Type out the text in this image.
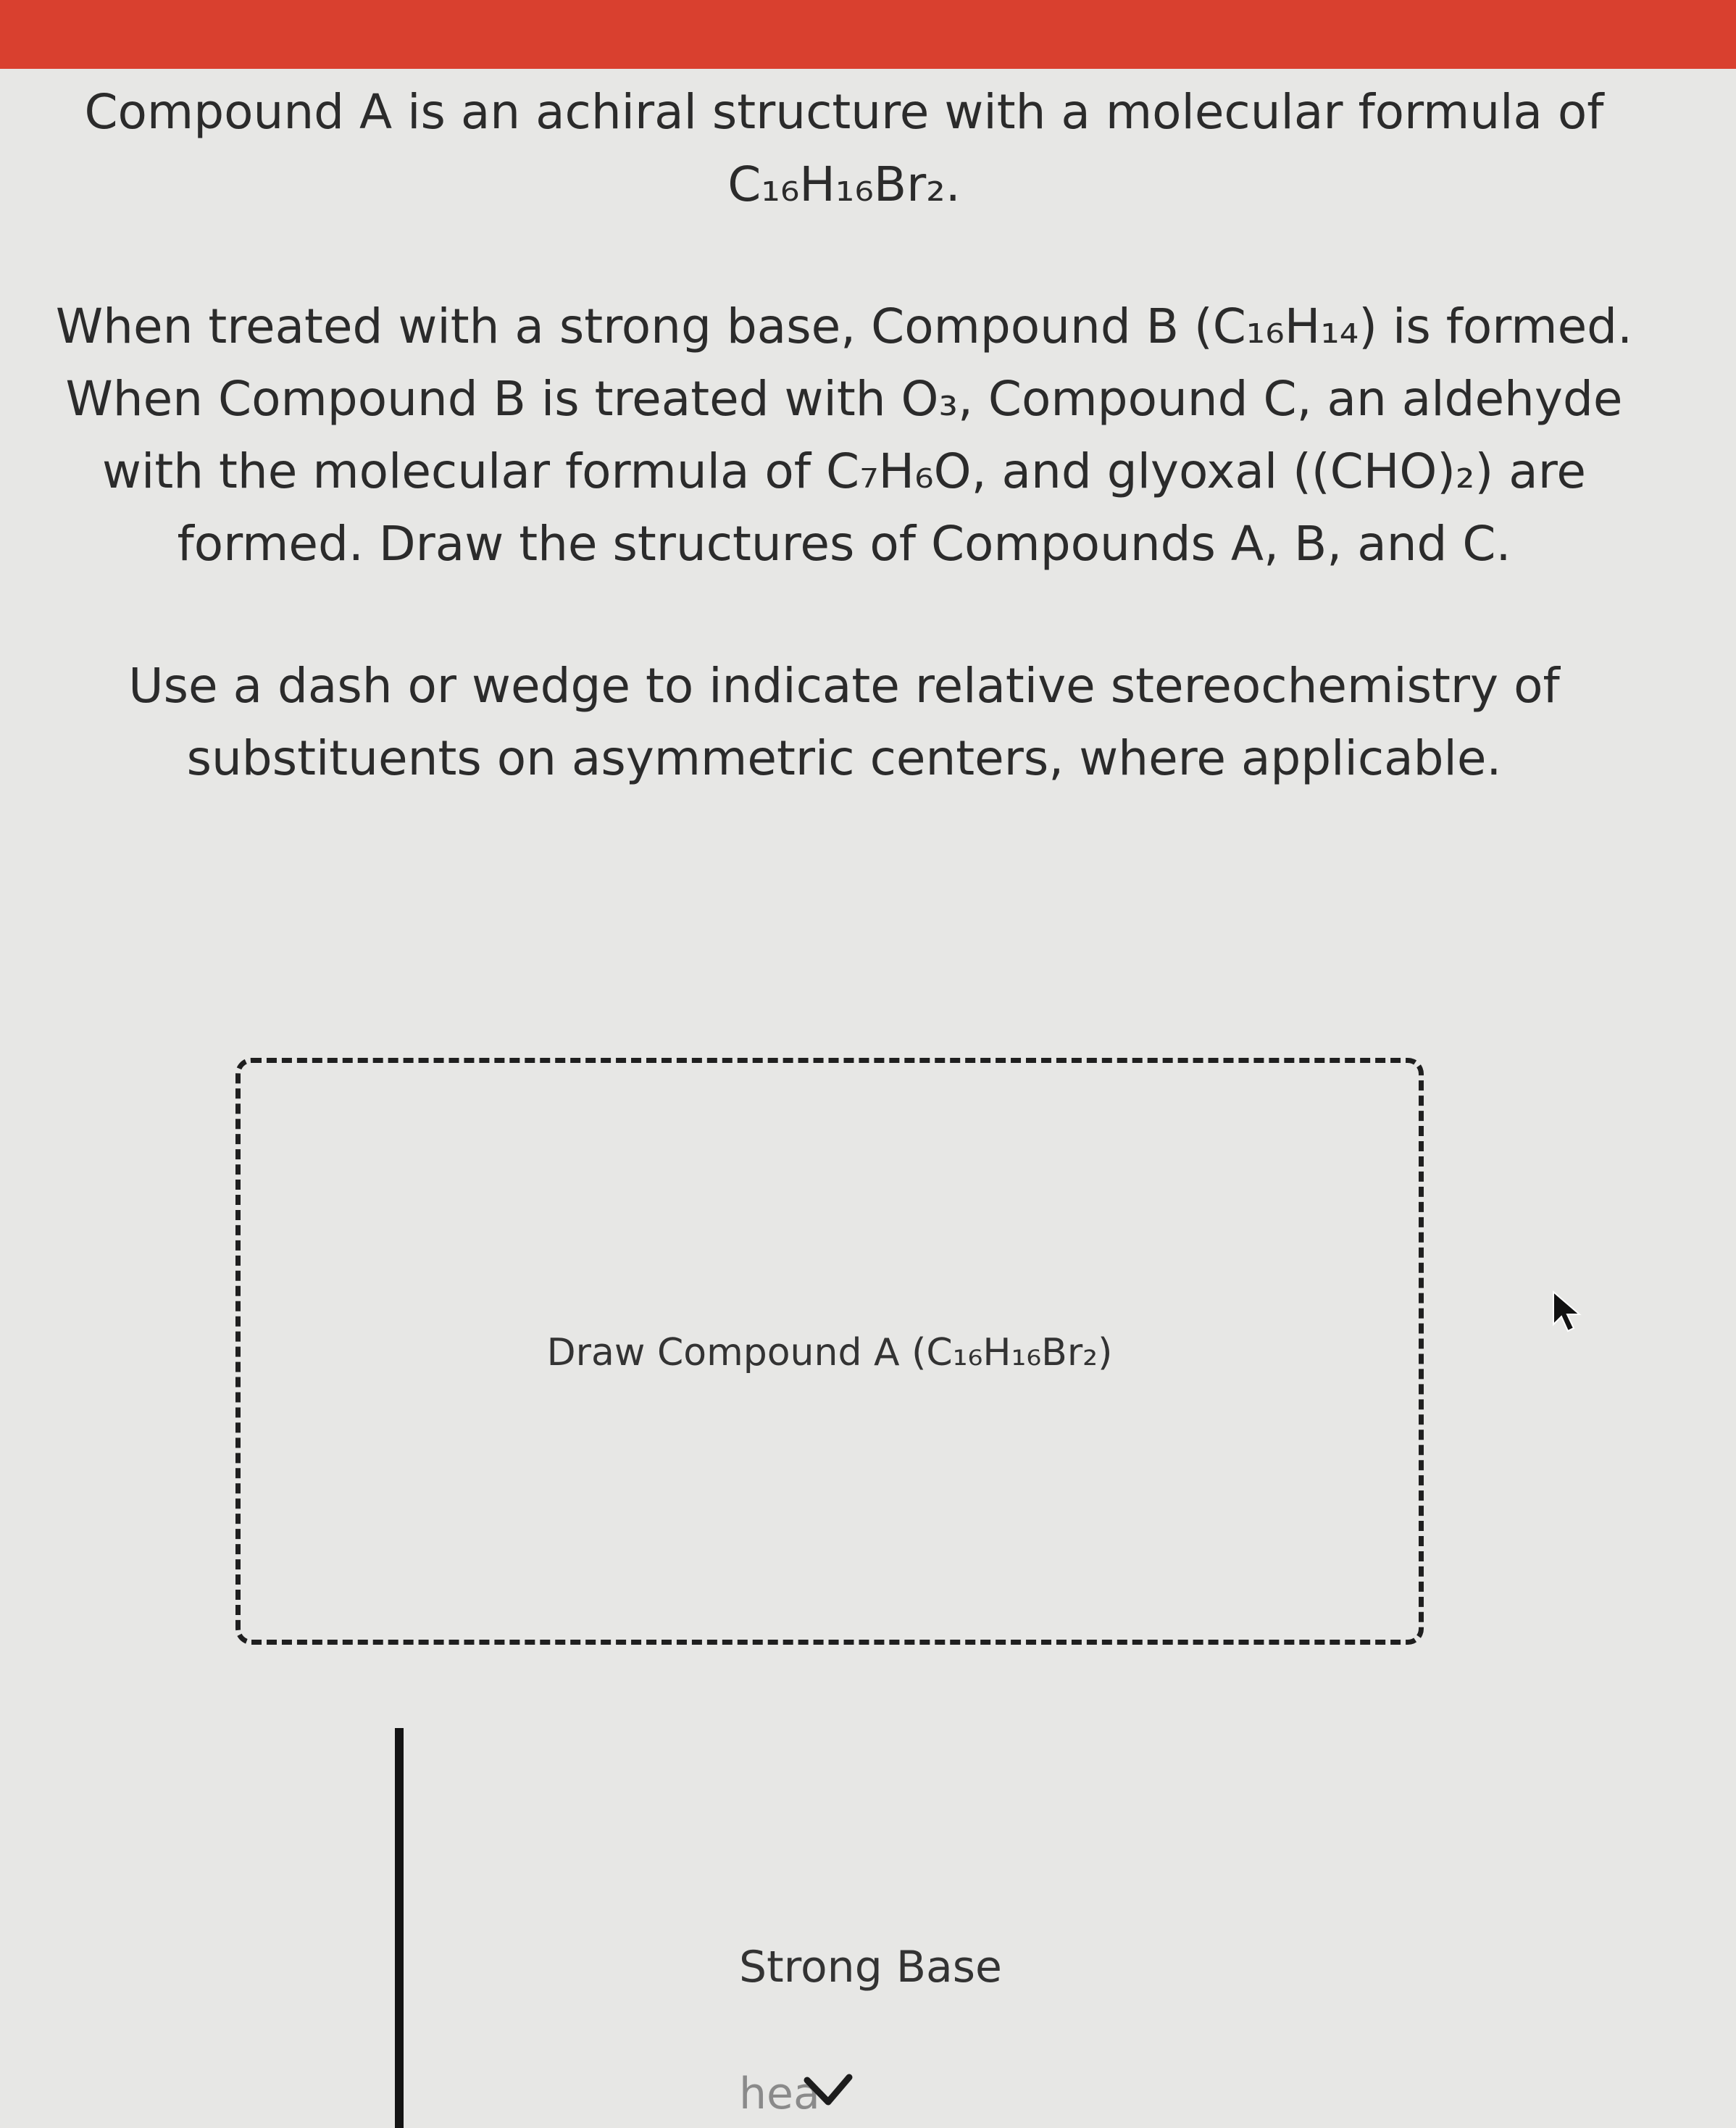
Compound A is an achiral structure with a molecular formula of
C₁₆H₁₆Br₂.

When treated with a strong base, Compound B (C₁₆H₁₄) is formed. When Compound B is treated with O₃, Compound C, an aldehyde with the molecular formula of C₇H₆O, and glyoxal ((CHO)₂) are formed. Draw the structures of Compounds A, B, and C.

Use a dash or wedge to indicate relative stereochemistry of substituents on asymmetric centers, where applicable.

Draw Compound A (C₁₆H₁₆Br₂)
Strong Base
hea
